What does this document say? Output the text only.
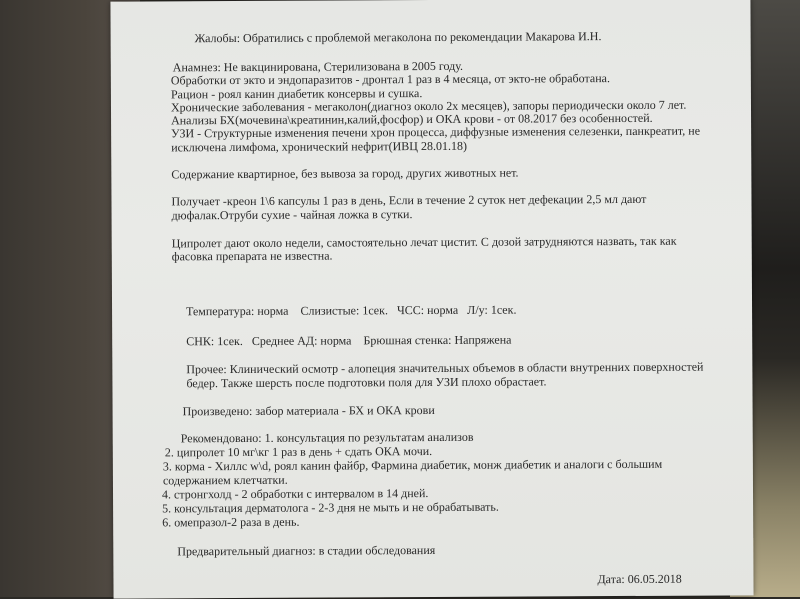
Жалобы: Обратились с проблемой мегаколона по рекомендации Макарова И.Н.
Анамнез: Не вакцинирована, Стерилизована в 2005 году.
Обработки от экто и эндопаразитов - дронтал 1 раз в 4 месяца, от экто-не обработана.
Рацион - роял канин диабетик консервы и сушка.
Хронические заболевания - мегаколон(диагноз около 2х месяцев), запоры периодически около 7 лет.
Анализы БХ(мочевина\креатинин,калий,фосфор) и ОКА крови - от 08.2017 без особенностей.
УЗИ - Структурные изменения печени хрон процесса, диффузные изменения селезенки, панкреатит, не
исключена лимфома, хронический нефрит(ИВЦ 28.01.18)
Содержание квартирное, без вывоза за город, других животных нет.
Получает -креон 1\6 капсулы 1 раз в день, Если в течение 2 суток нет дефекации 2,5 мл дают
дюфалак.Отруби сухие - чайная ложка в сутки.
Ципролет дают около недели, самостоятельно лечат цистит. С дозой затрудняются назвать, так как
фасовка препарата не известна.
Температура: норма    Слизистые: 1сек.   ЧСС: норма   Л/у: 1сек.
СНК: 1сек.   Среднее АД: норма    Брюшная стенка: Напряжена
Прочее: Клинический осмотр - алопеция значительных объемов в области внутренних поверхностей
бедер. Также шерсть после подготовки поля для УЗИ плохо обрастает.
Произведено: забор материала - БХ и ОКА крови
Рекомендовано: 1. консультация по результатам анализов
2. ципролет 10 мг\кг 1 раз в день + сдать ОКА мочи.
3. корма - Хиллс w\d, роял канин файбр, Фармина диабетик, монж диабетик и аналоги с большим
содержанием клетчатки.
4. стронгхолд - 2 обработки с интервалом в 14 дней.
5. консультация дерматолога - 2-3 дня не мыть и не обрабатывать.
6. омепразол-2 раза в день.
Предварительный диагноз: в стадии обследования
Дата: 06.05.2018
